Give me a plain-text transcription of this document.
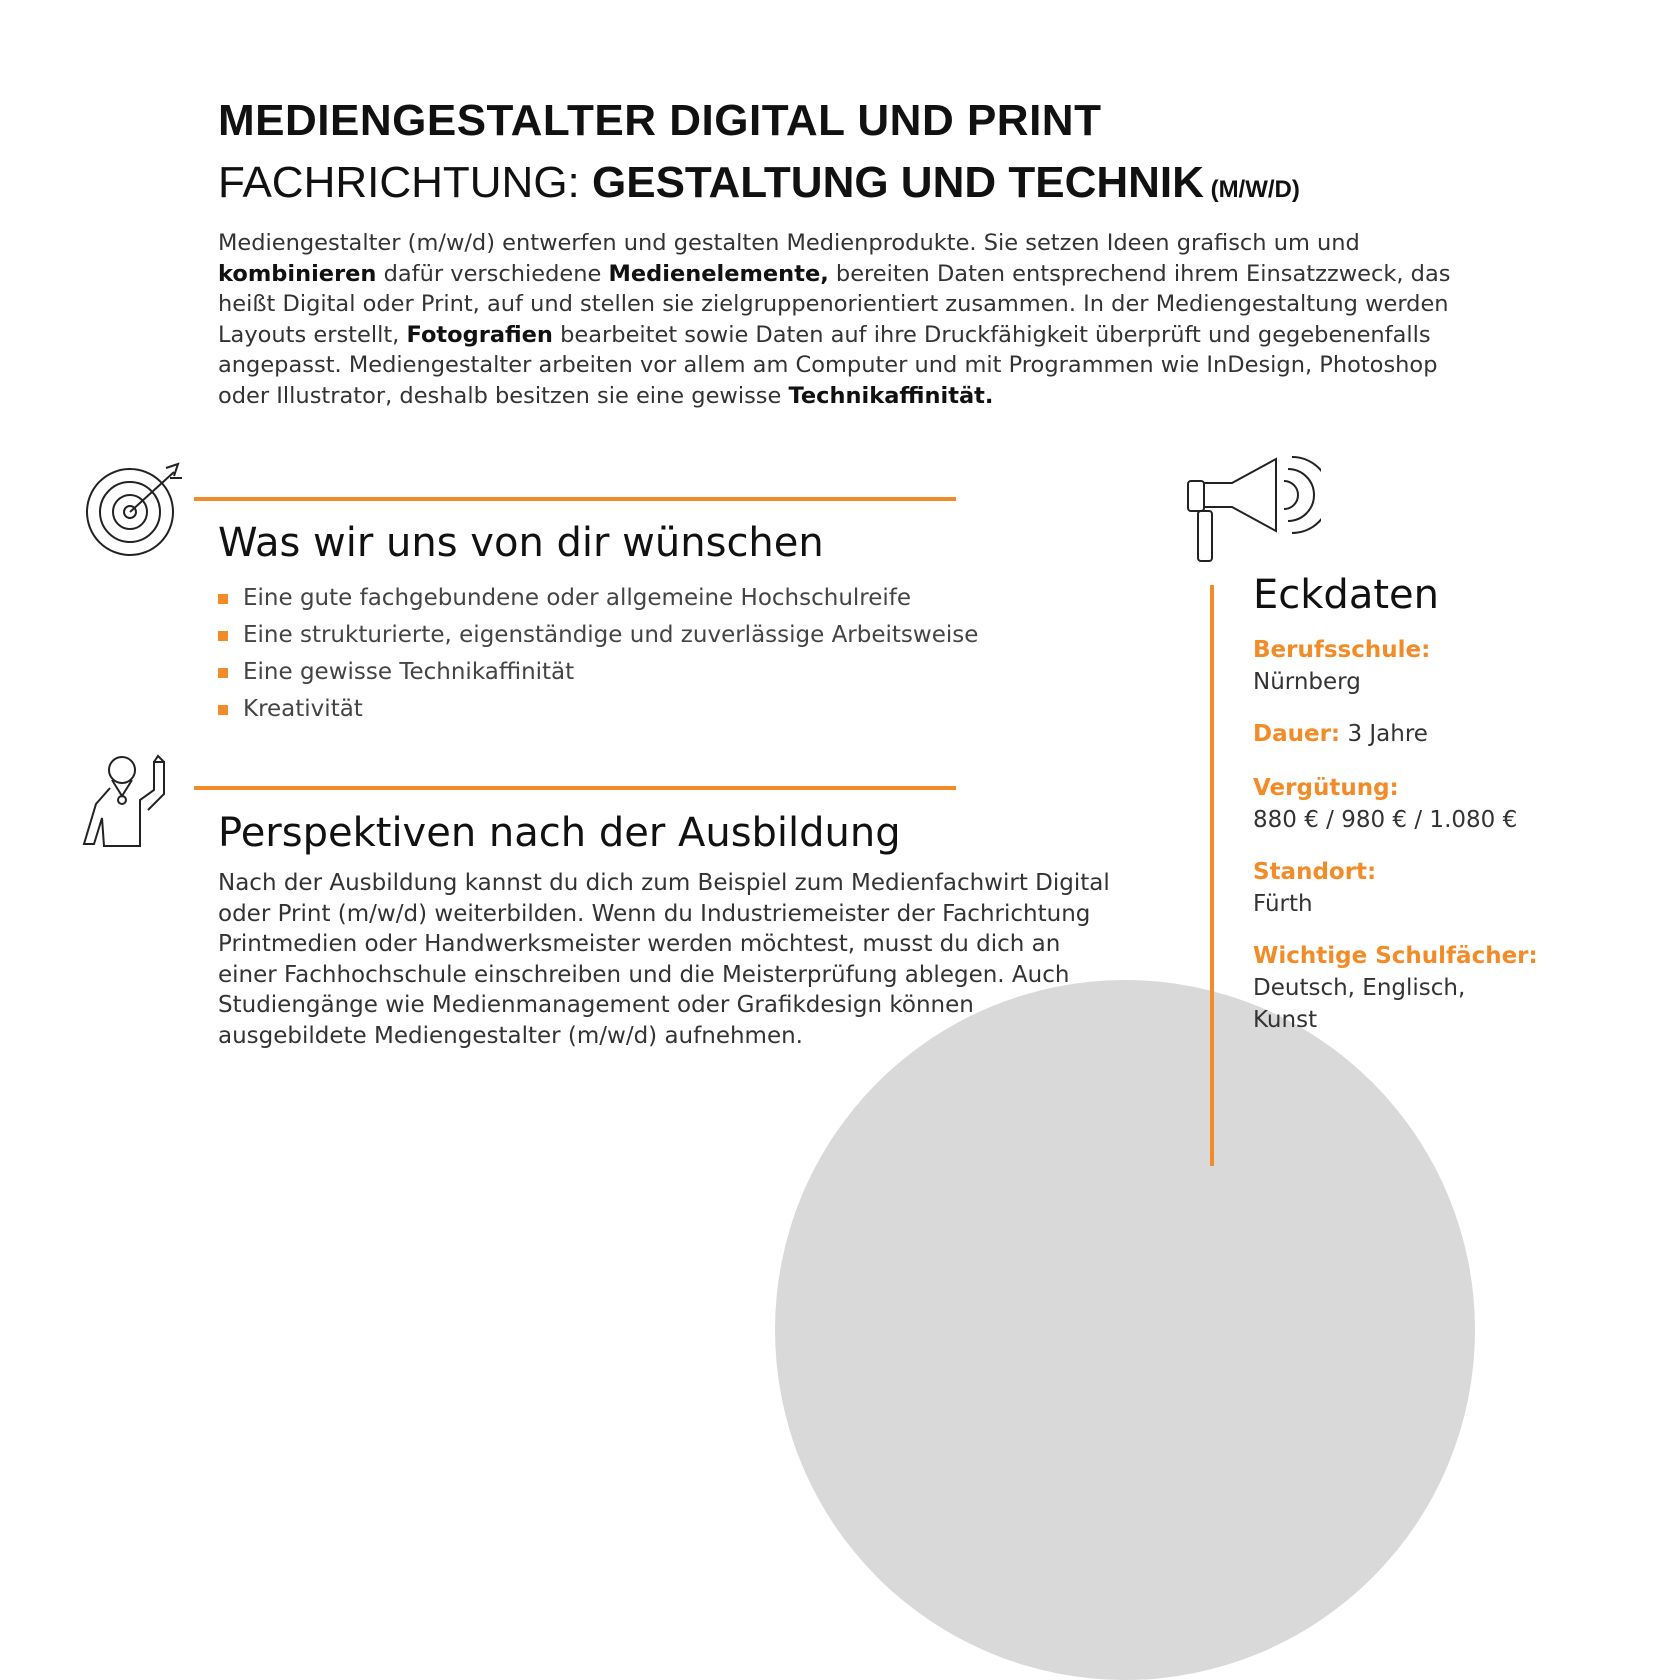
MEDIENGESTALTER DIGITAL UND PRINT
FACHRICHTUNG: GESTALTUNG UND TECHNIK (M/W/D)

Mediengestalter (m/w/d) entwerfen und gestalten Medienprodukte. Sie setzen Ideen grafisch um und kombinieren dafür verschiedene Medienelemente, bereiten Daten entsprechend ihrem Einsatzzweck, das heißt Digital oder Print, auf und stellen sie zielgruppenorientiert zusammen. In der Mediengestaltung werden Layouts erstellt, Fotografien bearbeitet sowie Daten auf ihre Druckfähigkeit überprüft und gegebenenfalls angepasst. Mediengestalter arbeiten vor allem am Computer und mit Programmen wie InDesign, Photoshop oder Illustrator, deshalb besitzen sie eine gewisse Technikaffinität.

Was wir uns von dir wünschen
Eine gute fachgebundene oder allgemeine Hochschulreife
Eine strukturierte, eigenständige und zuverlässige Arbeitsweise
Eine gewisse Technikaffinität
Kreativität
Perspektiven nach der Ausbildung

Nach der Ausbildung kannst du dich zum Beispiel zum Medienfachwirt Digital oder Print (m/w/d) weiterbilden. Wenn du Industriemeister der Fachrichtung Printmedien oder Handwerksmeister werden möchtest, musst du dich an einer Fachhochschule einschreiben und die Meisterprüfung ablegen. Auch Studiengänge wie Medienmanagement oder Grafikdesign können ausgebildete Mediengestalter (m/w/d) aufnehmen.

Eckdaten
Berufsschule:
Nürnberg
Dauer: 3 Jahre
Vergütung:
880 € / 980 € / 1.080 €
Standort:
Fürth
Wichtige Schulfächer:
Deutsch, Englisch, Kunst
